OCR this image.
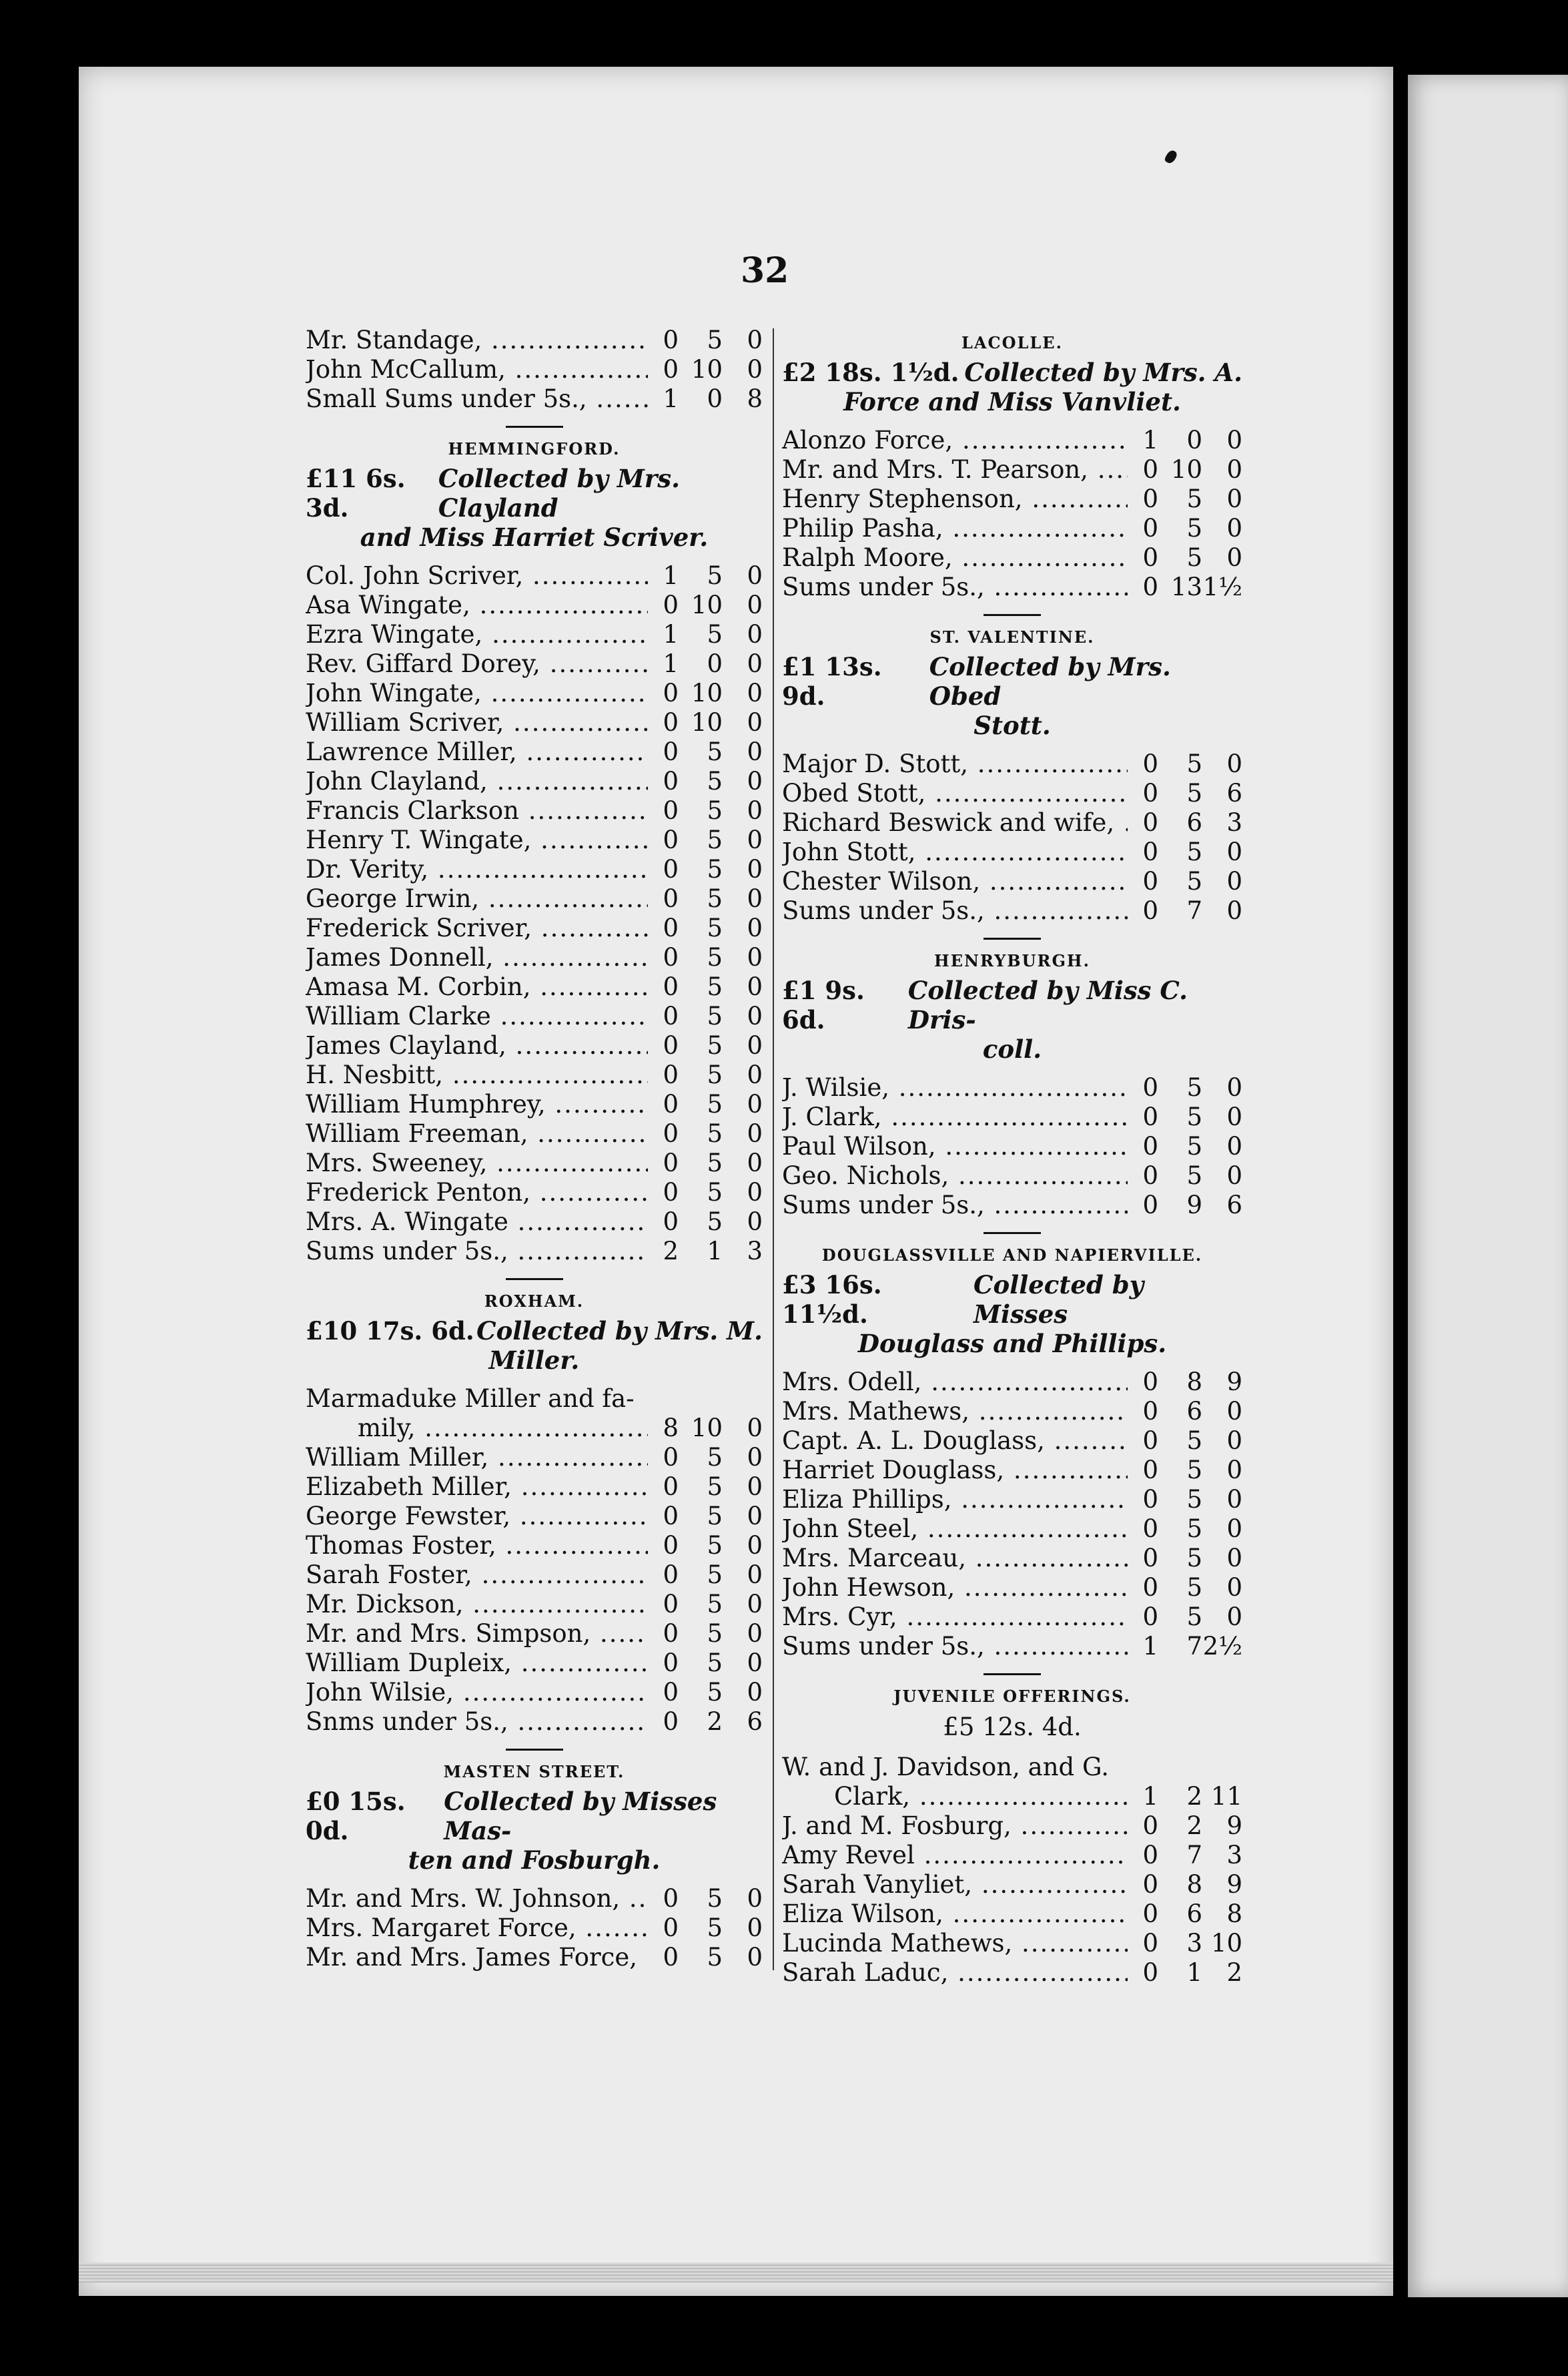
32
Mr. Standage, .....	0	5 0
John McCallum, .....	0 10 0
Small Sums under 5s., .....	1	0 8
HEMMINGFORD.
£11 6s. 3d.
Collected by Mrs. Clayland
and Miss Harriet Scriver.
Col. John Scriver, .....	1	5 0
Asa Wingate, .....	0 10 0
Ezra Wingate, .....	1	5 0
Rev. Giffard Dorey, .....	1	0 0
John Wingate, .....	0 10 0
William Scriver, .....	0 10 0
Lawrence Miller, .....	0	5 0
John Clayland, .....	0	5 0
Francis Clarkson .....	0	5 0
Henry T. Wingate, .....	0	5 0
Dr. Verity, .....	0	5 0
George Irwin, .....	0	5 0
Frederick Scriver, .....	0	5 0
James Donnell, .....	0	5 0
Amasa M. Corbin, .....	0	5 0
William Clarke .....	0	5 0
James Clayland, .....	0	5 0
H. Nesbitt, .....	0	5 0
William Humphrey, .....	0	5 0
William Freeman, .....	0	5 0
Mrs. Sweeney, .....	0	5 0
Frederick Penton, .....	0	5 0
Mrs. A. Wingate .....	0	5 0
Sums under 5s., .....	2	1 3
ROXHAM.
£10 17s. 6d. Collected by Mrs. M.
Miller.
Marmaduke Miller and fa-
mily, .....	8 10 0
William Miller, .....	0	5 0
Elizabeth Miller, .....	0	5 0
George Fewster, .....	0	5 0
Thomas Foster, .....	0	5 0
Sarah Foster, .....	0	5 0
Mr. Dickson, .....	0	5 0
Mr. and Mrs. Simpson, .....	0	5 0
William Dupleix, .....	0	5 0
John Wilsie, .....	0	5 0
Snms under 5s., .....	0	2 6
MASTEN STREET.
£0 15s. 0d.
Collected by Misses Mas-
ten and Fosburgh.
Mr. and Mrs. W. Johnson, .....	0	5 0
Mrs. Margaret Force, .....	0	5 0
Mr. and Mrs. James Force, .....	0	5 0
LACOLLE.
£2 18s. 1½d. Collected by Mrs. A.
Force and Miss Vanvliet.
Alonzo Force, .....	1	0 0
Mr. and Mrs. T. Pearson, .....	0 10 0
Henry Stephenson, .....	0	5 0
Philip Pasha, .....	0	5 0
Ralph Moore, .....	0	5 0
Sums under 5s., .....	0 13 1½
ST. VALENTINE.
£1 13s. 9d.
Collected by Mrs. Obed
Stott.
Major D. Stott, .....	0	5 0
Obed Stott, .....	0	5 6
Richard Beswick and wife, .....	0	6 3
John Stott, .....	0	5 0
Chester Wilson, .....	0	5 0
Sums under 5s., .....	0	7 0
HENRYBURGH.
£1 9s. 6d.
Collected by Miss C. Dris-
coll.
J. Wilsie, .....	0	5 0
J. Clark, .....	0	5 0
Paul Wilson, .....	0	5 0
Geo. Nichols, .....	0	5 0
Sums under 5s., .....	0	9 6
DOUGLASSVILLE AND NAPIERVILLE.
£3 16s. 11½d.
Collected by Misses
Douglass and Phillips.
Mrs. Odell, .....	0	8 9
Mrs. Mathews, .....	0	6 0
Capt. A. L. Douglass, .....	0	5 0
Harriet Douglass, .....	0	5 0
Eliza Phillips, .....	0	5 0
John Steel, .....	0	5 0
Mrs. Marceau, .....	0	5 0
John Hewson, .....	0	5 0
Mrs. Cyr, .....	0	5 0
Sums under 5s., .....	1	7 2½
JUVENILE OFFERINGS.
£5 12s. 4d.
W. and J. Davidson, and G.
Clark, .....	1	2 11
J. and M. Fosburg, .....	0	2 9
Amy Revel .....	0	7 3
Sarah Vanyliet, .....	0	8 9
Eliza Wilson, .....	0	6 8
Lucinda Mathews, .....	0	3 10
Sarah Laduc, .....	0	1 2
